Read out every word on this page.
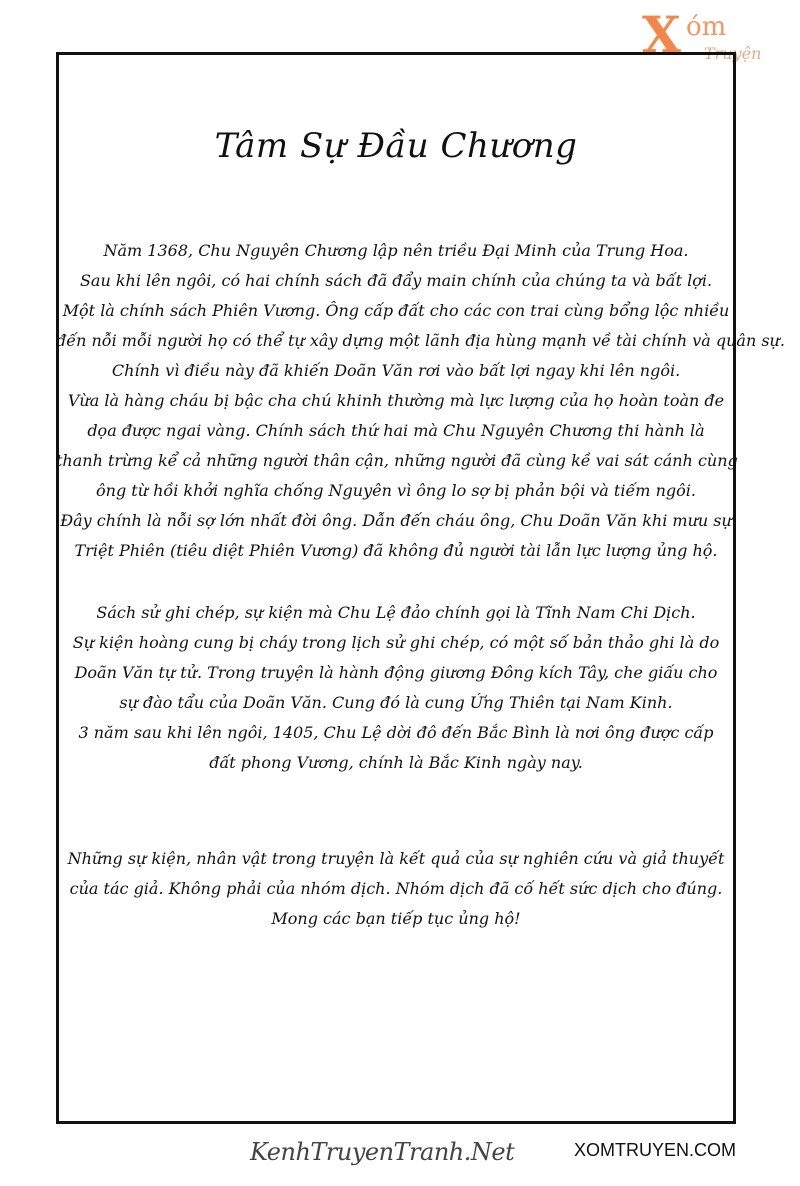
X óm
Truyện
Tâm Sự Đầu Chương
Năm 1368, Chu Nguyên Chương lập nên triều Đại Minh của Trung Hoa.
Sau khi lên ngôi, có hai chính sách đã đẩy main chính của chúng ta và bất lợi.
Một là chính sách Phiên Vương. Ông cấp đất cho các con trai cùng bổng lộc nhiều
đến nỗi mỗi người họ có thể tự xây dựng một lãnh địa hùng mạnh về tài chính và quân sự.
Chính vì điều này đã khiến Doãn Văn rơi vào bất lợi ngay khi lên ngôi.
Vừa là hàng cháu bị bậc cha chú khinh thường mà lực lượng của họ hoàn toàn đe
dọa được ngai vàng. Chính sách thứ hai mà Chu Nguyên Chương thi hành là
thanh trừng kể cả những người thân cận, những người đã cùng kề vai sát cánh cùng
ông từ hồi khởi nghĩa chống Nguyên vì ông lo sợ bị phản bội và tiếm ngôi.
Đây chính là nỗi sợ lớn nhất đời ông. Dẫn đến cháu ông, Chu Doãn Văn khi mưu sự
Triệt Phiên (tiêu diệt Phiên Vương) đã không đủ người tài lẫn lực lượng ủng hộ.
Sách sử ghi chép, sự kiện mà Chu Lệ đảo chính gọi là Tĩnh Nam Chi Dịch.
Sự kiện hoàng cung bị cháy trong lịch sử ghi chép, có một số bản thảo ghi là do
Doãn Văn tự tử. Trong truyện là hành động giương Đông kích Tây, che giấu cho
sự đào tẩu của Doãn Văn. Cung đó là cung Ứng Thiên tại Nam Kinh.
3 năm sau khi lên ngôi, 1405, Chu Lệ dời đô đến Bắc Bình là nơi ông được cấp
đất phong Vương, chính là Bắc Kinh ngày nay.
Những sự kiện, nhân vật trong truyện là kết quả của sự nghiên cứu và giả thuyết
của tác giả. Không phải của nhóm dịch. Nhóm dịch đã cố hết sức dịch cho đúng.
Mong các bạn tiếp tục ủng hộ!
KenhTruyenTranh.Net	XOMTRUYEN.COM
